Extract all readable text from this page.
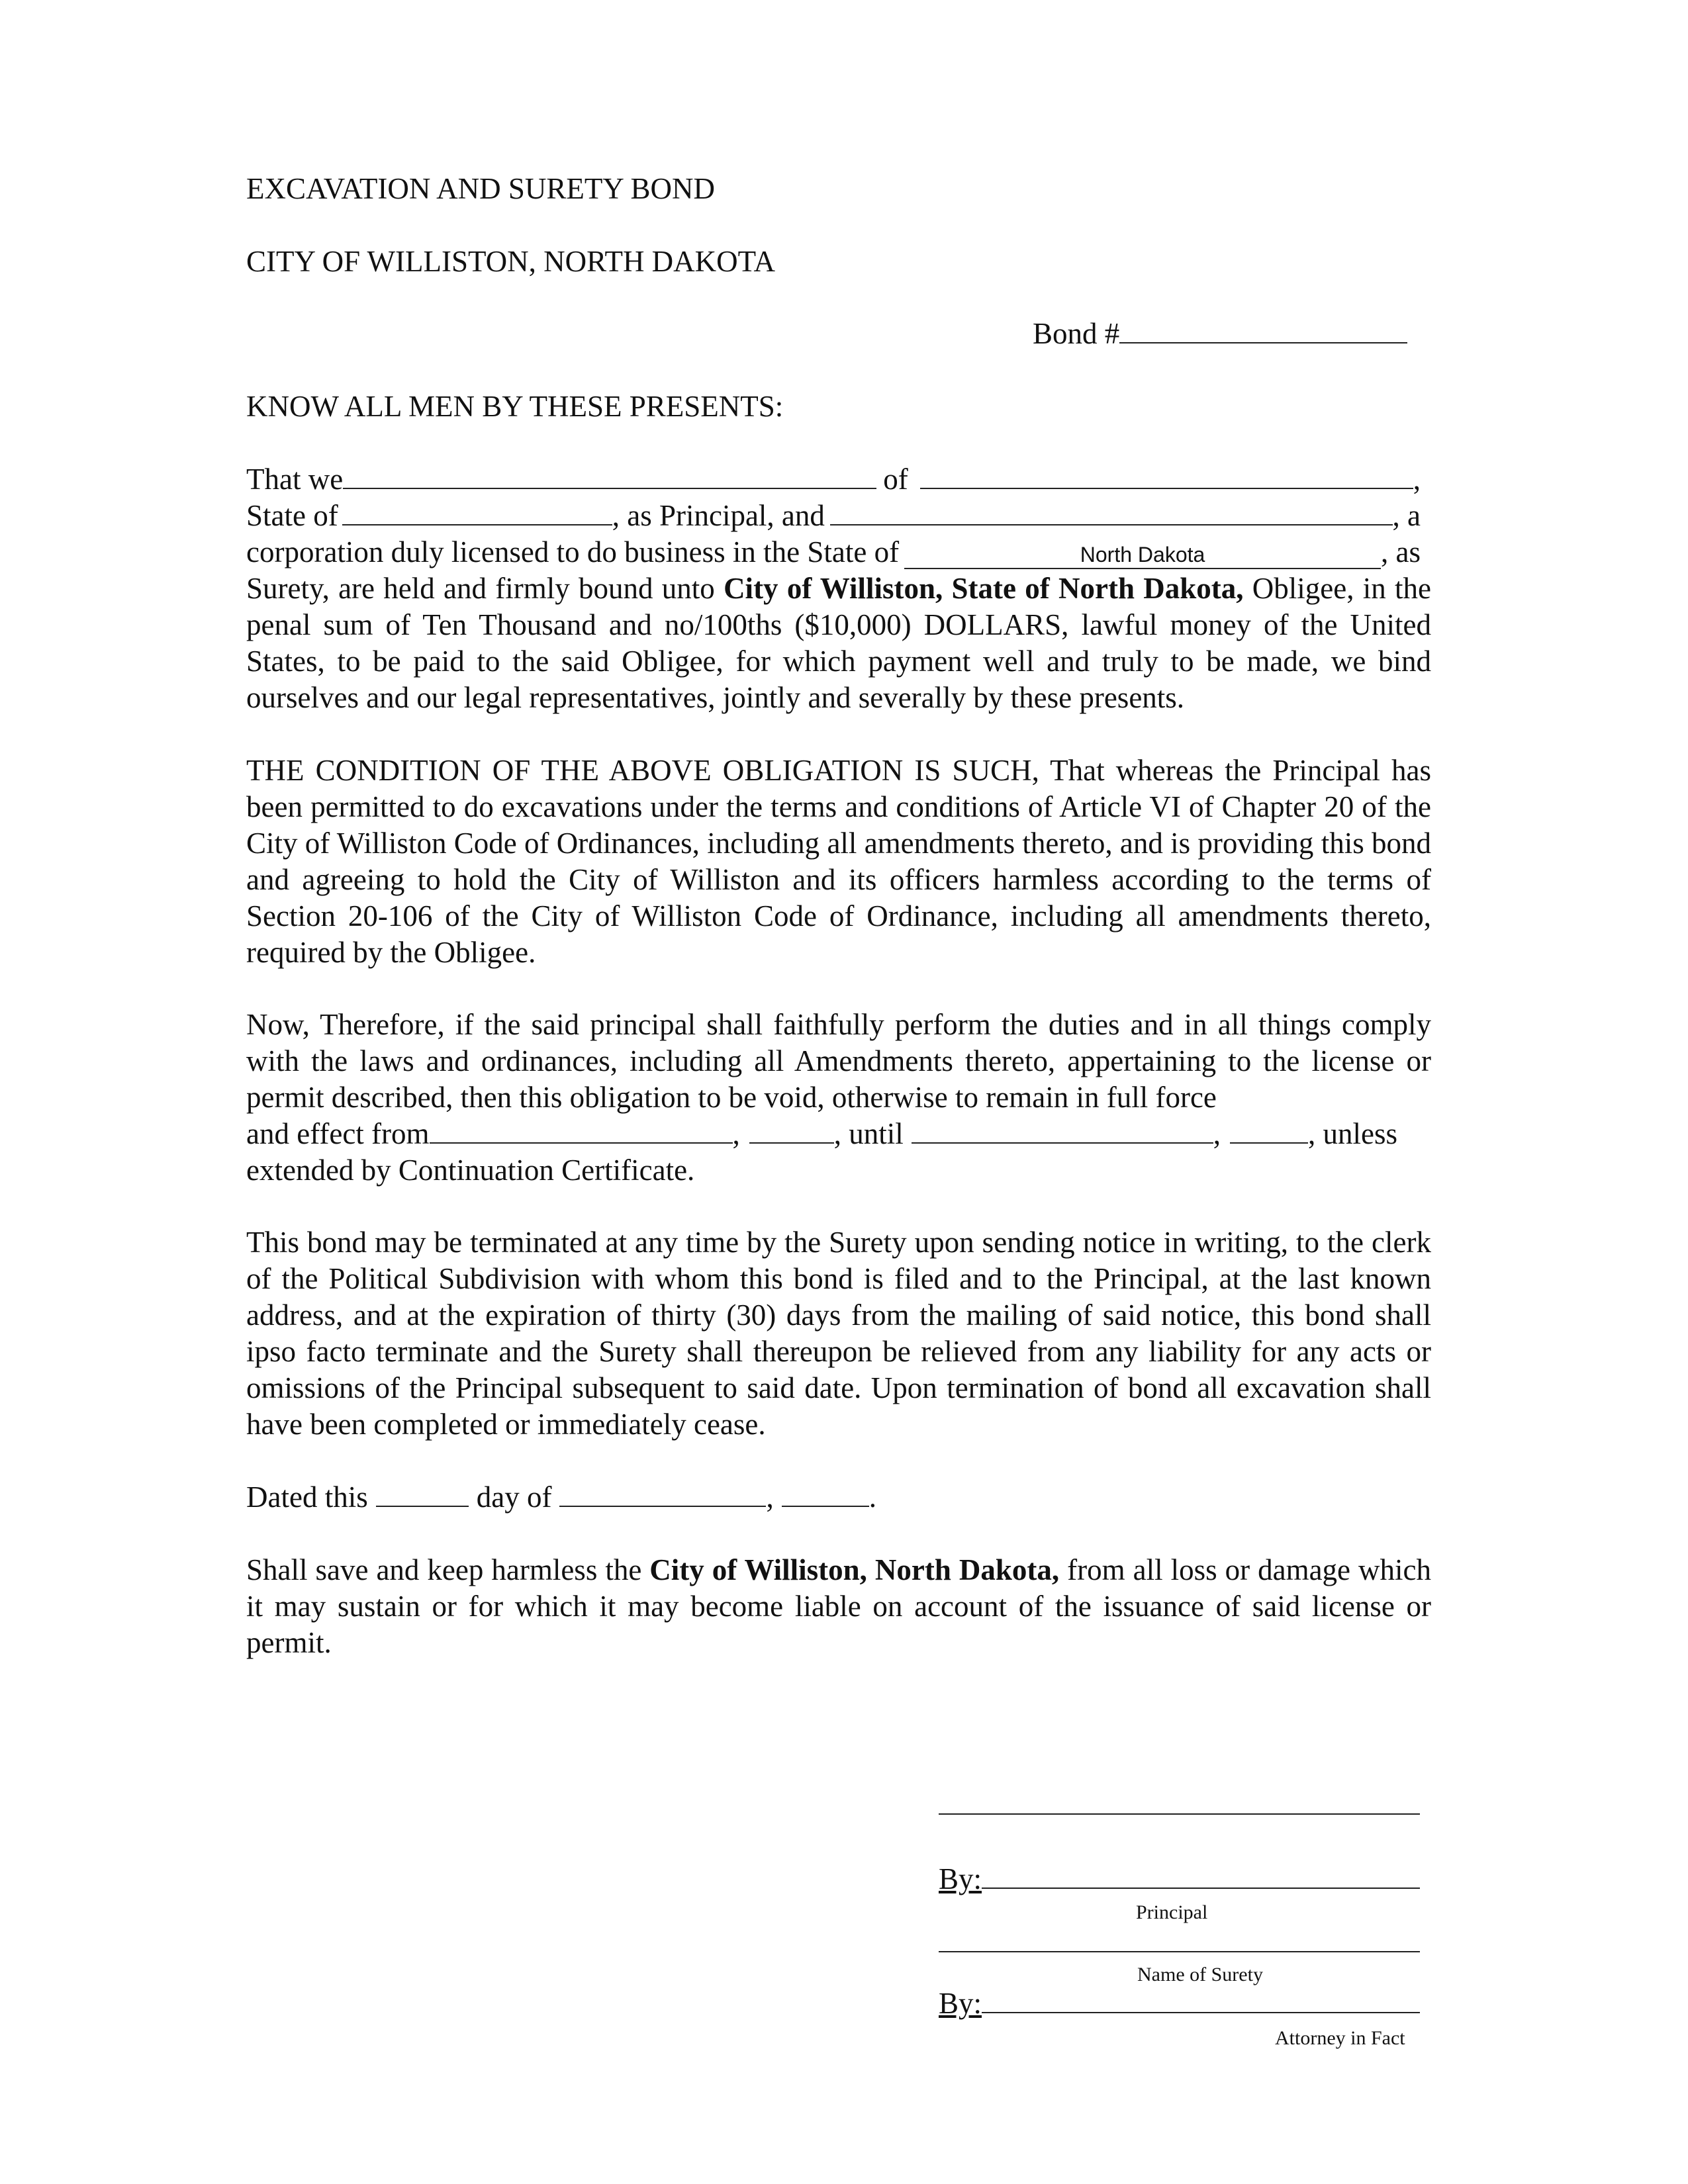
EXCAVATION AND SURETY BOND
CITY OF WILLISTON, NORTH DAKOTA
Bond #
KNOW ALL MEN BY THESE PRESENTS:
That we	of	,
State of	, as Principal, and	, a
corporation duly licensed to do business in the State of	North Dakota	, as
Surety, are held and firmly bound unto City of Williston, State of North Dakota, Obligee, in the penal sum of Ten Thousand and no/100ths ($10,000) DOLLARS, lawful money of the United States, to be paid to the said Obligee, for which payment well and truly to be made, we bind ourselves and our legal representatives, jointly and severally by these presents.
THE CONDITION OF THE ABOVE OBLIGATION IS SUCH, That whereas the Principal has been permitted to do excavations under the terms and conditions of Article VI of Chapter 20 of the City of Williston Code of Ordinances, including all amendments thereto, and is providing this bond and agreeing to hold the City of Williston and its officers harmless according to the terms of Section 20-106 of the City of Williston Code of Ordinance, including all amendments thereto, required by the Obligee.
Now, Therefore, if the said principal shall faithfully perform the duties and in all things comply with the laws and ordinances, including all Amendments thereto, appertaining to the license or permit described, then this obligation to be void, otherwise to remain in full force
and effect from	,	, until	,	, unless
extended by Continuation Certificate.
This bond may be terminated at any time by the Surety upon sending notice in writing, to the clerk of the Political Subdivision with whom this bond is filed and to the Principal, at the last known address, and at the expiration of thirty (30) days from the mailing of said notice, this bond shall ipso facto terminate and the Surety shall thereupon be relieved from any liability for any acts or omissions of the Principal subsequent to said date. Upon termination of bond all excavation shall have been completed or immediately cease.
Dated this	day of	,	.
Shall save and keep harmless the City of Williston, North Dakota, from all loss or damage which it may sustain or for which it may become liable on account of the issuance of said license or permit.
By:
Principal
Name of Surety
By:
Attorney in Fact
